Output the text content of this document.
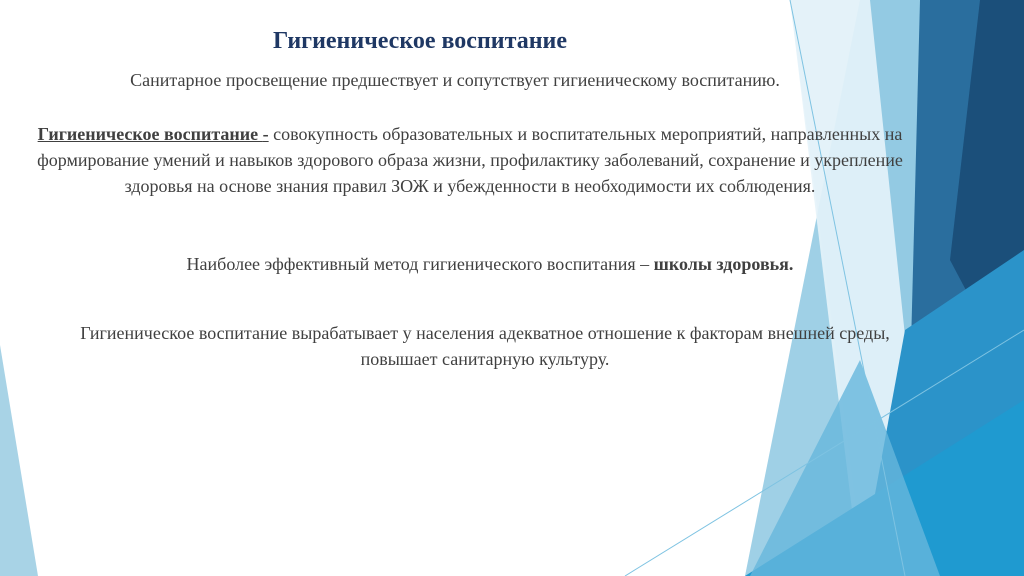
Гигиеническое воспитание
Санитарное просвещение предшествует и сопутствует гигиеническому воспитанию.
Гигиеническое воспитание - совокупность образовательных и воспитательных мероприятий, направленных на формирование умений и навыков здорового образа жизни, профилактику заболеваний, сохранение и укрепление здоровья на основе знания правил ЗОЖ и убежденности в необходимости их соблюдения.
Наиболее эффективный метод гигиенического воспитания – школы здоровья.
Гигиеническое воспитание вырабатывает у населения адекватное отношение к факторам внешней среды, повышает санитарную культуру.
